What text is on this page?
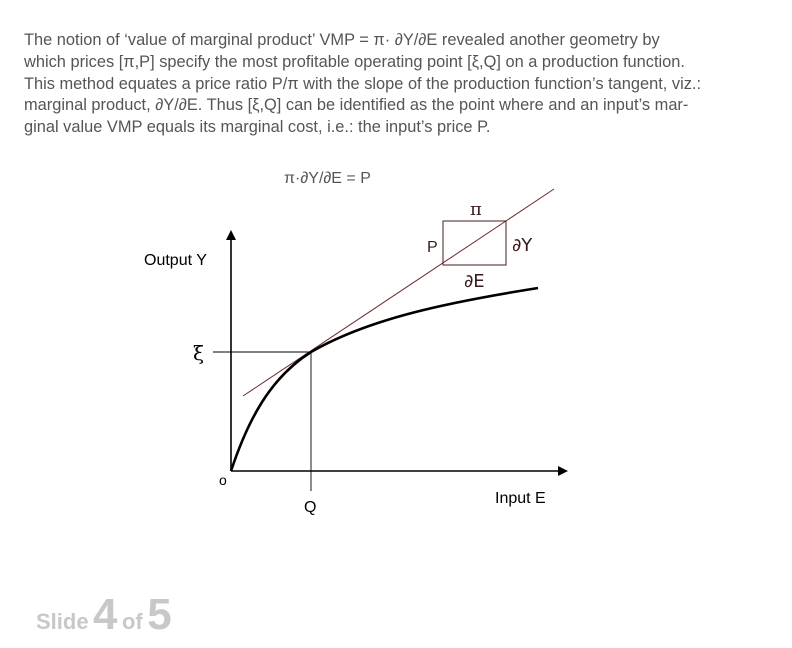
The notion of ‘value of marginal product’ VMP = π· ∂Y/∂E revealed another geometry by
which prices [π,P] specify the most profitable operating point [ξ,Q] on a production function.
This method equates a price ratio P/π with the slope of the production function’s tangent, viz.:
marginal product, ∂Y/∂E. Thus [ξ,Q] can be identified as the point where and an input’s mar-
ginal value VMP equals its marginal cost, i.e.: the input’s price P.
π·∂Y/∂E = P
Output Y
Input E
o
ξ
Q
π
P	∂Y
∂E
Slide 4 of 5
